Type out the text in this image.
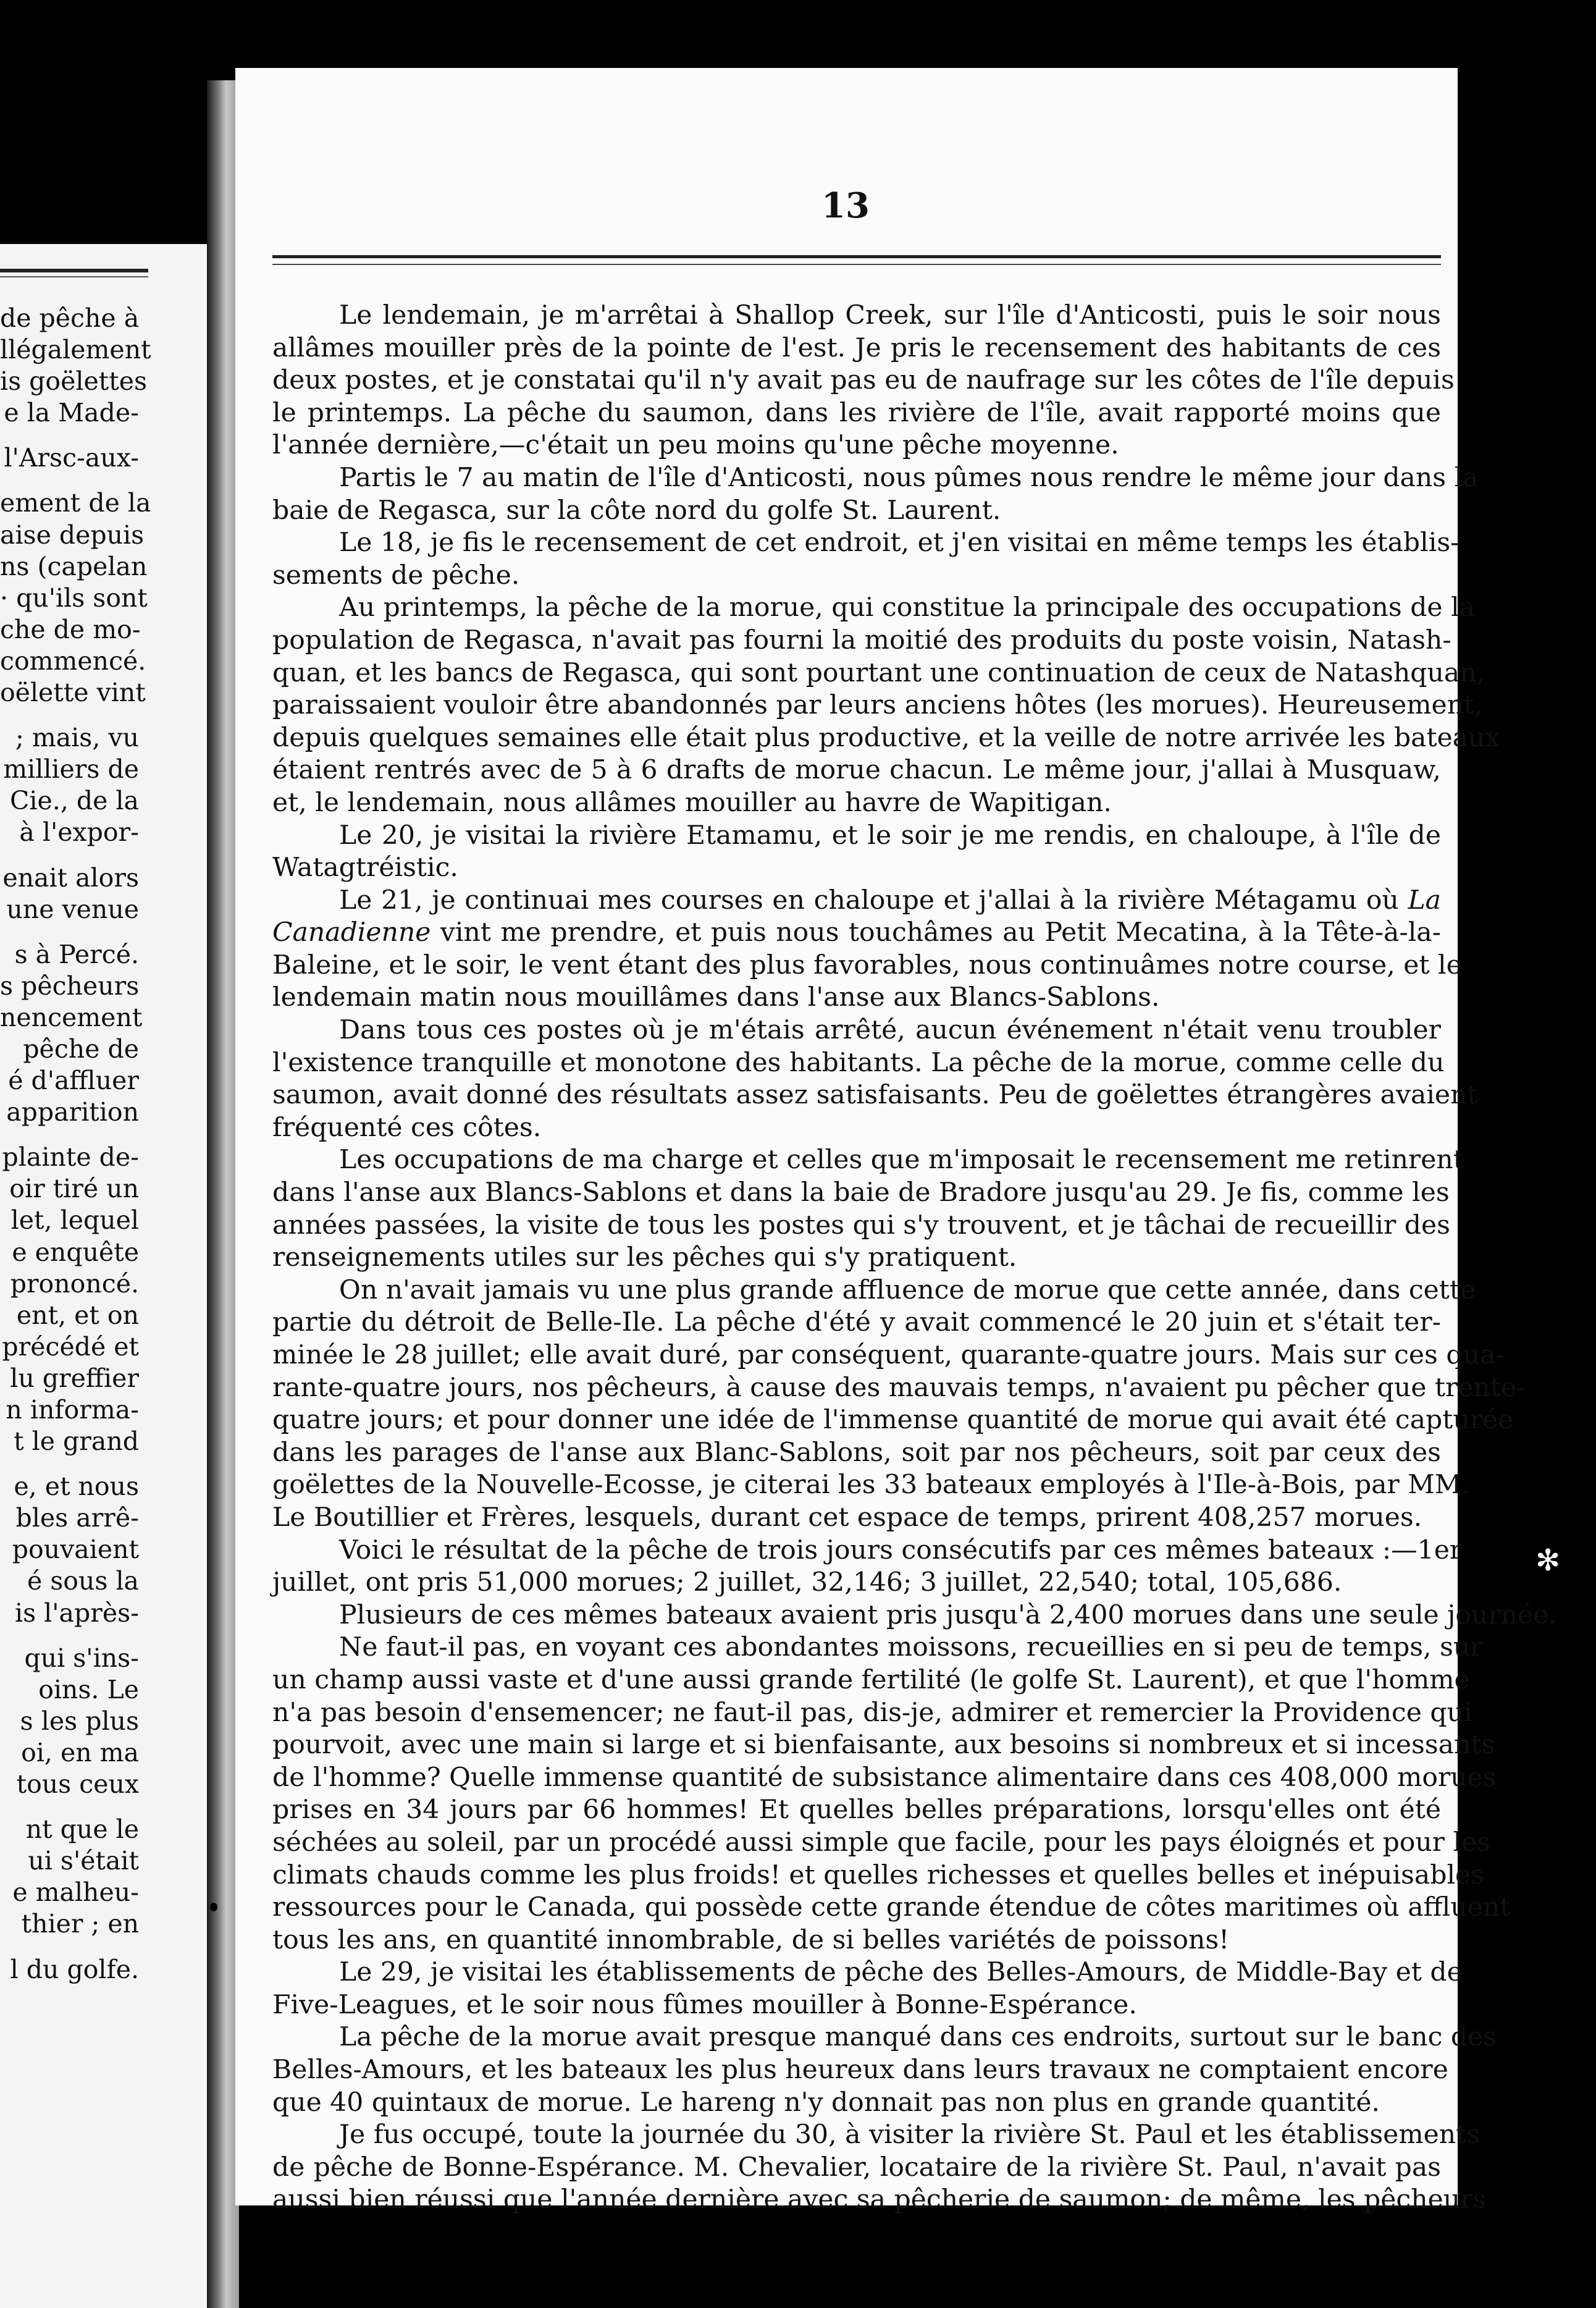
de pêche à
llégalement
is goëlettes
e la Made-
l'Arsc-aux-
ement de la
aise depuis
ns (capelan
· qu'ils sont
che de mo-
commencé.
oëlette vint
; mais, vu
milliers de
Cie., de la
à l'expor-
enait alors
une venue
s à Percé.
s pêcheurs
nencement
pêche de
é d'affluer
apparition
plainte de-
oir tiré un
let, lequel
e enquête
prononcé.
ent, et on
précédé et
lu greffier
n informa-
t le grand
e, et nous
bles arrê-
pouvaient
é sous la
is l'après-
qui s'ins-
oins. Le
s les plus
oi, en ma
tous ceux
nt que le
ui s'était
e malheu-
thier ; en
l du golfe.
13
Le lendemain, je m'arrêtai à Shallop Creek, sur l'île d'Anticosti, puis le soir nous
allâmes mouiller près de la pointe de l'est. Je pris le recensement des habitants de ces
deux postes, et je constatai qu'il n'y avait pas eu de naufrage sur les côtes de l'île depuis
le printemps. La pêche du saumon, dans les rivière de l'île, avait rapporté moins que
l'année dernière,—c'était un peu moins qu'une pêche moyenne.
Partis le 7 au matin de l'île d'Anticosti, nous pûmes nous rendre le même jour dans la
baie de Regasca, sur la côte nord du golfe St. Laurent.
Le 18, je fis le recensement de cet endroit, et j'en visitai en même temps les établis-
sements de pêche.
Au printemps, la pêche de la morue, qui constitue la principale des occupations de la
population de Regasca, n'avait pas fourni la moitié des produits du poste voisin, Natash-
quan, et les bancs de Regasca, qui sont pourtant une continuation de ceux de Natashquan,
paraissaient vouloir être abandonnés par leurs anciens hôtes (les morues). Heureusement,
depuis quelques semaines elle était plus productive, et la veille de notre arrivée les bateaux
étaient rentrés avec de 5 à 6 drafts de morue chacun. Le même jour, j'allai à Musquaw,
et, le lendemain, nous allâmes mouiller au havre de Wapitigan.
Le 20, je visitai la rivière Etamamu, et le soir je me rendis, en chaloupe, à l'île de
Watagtréistic.
Le 21, je continuai mes courses en chaloupe et j'allai à la rivière Métagamu où La
Canadienne vint me prendre, et puis nous touchâmes au Petit Mecatina, à la Tête-à-la-
Baleine, et le soir, le vent étant des plus favorables, nous continuâmes notre course, et le
lendemain matin nous mouillâmes dans l'anse aux Blancs-Sablons.
Dans tous ces postes où je m'étais arrêté, aucun événement n'était venu troubler
l'existence tranquille et monotone des habitants. La pêche de la morue, comme celle du
saumon, avait donné des résultats assez satisfaisants. Peu de goëlettes étrangères avaient
fréquenté ces côtes.
Les occupations de ma charge et celles que m'imposait le recensement me retinrent
dans l'anse aux Blancs-Sablons et dans la baie de Bradore jusqu'au 29. Je fis, comme les
années passées, la visite de tous les postes qui s'y trouvent, et je tâchai de recueillir des
renseignements utiles sur les pêches qui s'y pratiquent.
On n'avait jamais vu une plus grande affluence de morue que cette année, dans cette
partie du détroit de Belle-Ile. La pêche d'été y avait commencé le 20 juin et s'était ter-
minée le 28 juillet; elle avait duré, par conséquent, quarante-quatre jours. Mais sur ces qua-
rante-quatre jours, nos pêcheurs, à cause des mauvais temps, n'avaient pu pêcher que trente-
quatre jours; et pour donner une idée de l'immense quantité de morue qui avait été capturée
dans les parages de l'anse aux Blanc-Sablons, soit par nos pêcheurs, soit par ceux des
goëlettes de la Nouvelle-Ecosse, je citerai les 33 bateaux employés à l'Ile-à-Bois, par MM.
Le Boutillier et Frères, lesquels, durant cet espace de temps, prirent 408,257 morues.
Voici le résultat de la pêche de trois jours consécutifs par ces mêmes bateaux :—1er
juillet, ont pris 51,000 morues; 2 juillet, 32,146; 3 juillet, 22,540; total, 105,686.
Plusieurs de ces mêmes bateaux avaient pris jusqu'à 2,400 morues dans une seule journée.
Ne faut-il pas, en voyant ces abondantes moissons, recueillies en si peu de temps, sur
un champ aussi vaste et d'une aussi grande fertilité (le golfe St. Laurent), et que l'homme
n'a pas besoin d'ensemencer; ne faut-il pas, dis-je, admirer et remercier la Providence qui
pourvoit, avec une main si large et si bienfaisante, aux besoins si nombreux et si incessants
de l'homme? Quelle immense quantité de subsistance alimentaire dans ces 408,000 morues
prises en 34 jours par 66 hommes! Et quelles belles préparations, lorsqu'elles ont été
séchées au soleil, par un procédé aussi simple que facile, pour les pays éloignés et pour les
climats chauds comme les plus froids! et quelles richesses et quelles belles et inépuisables
ressources pour le Canada, qui possède cette grande étendue de côtes maritimes où affluent
tous les ans, en quantité innombrable, de si belles variétés de poissons!
Le 29, je visitai les établissements de pêche des Belles-Amours, de Middle-Bay et de
Five-Leagues, et le soir nous fûmes mouiller à Bonne-Espérance.
La pêche de la morue avait presque manqué dans ces endroits, surtout sur le banc des
Belles-Amours, et les bateaux les plus heureux dans leurs travaux ne comptaient encore
que 40 quintaux de morue. Le hareng n'y donnait pas non plus en grande quantité.
Je fus occupé, toute la journée du 30, à visiter la rivière St. Paul et les établissements
de pêche de Bonne-Espérance. M. Chevalier, locataire de la rivière St. Paul, n'avait pas
aussi bien réussi que l'année dernière avec sa pêcherie de saumon; de même, les pêcheurs
✻
